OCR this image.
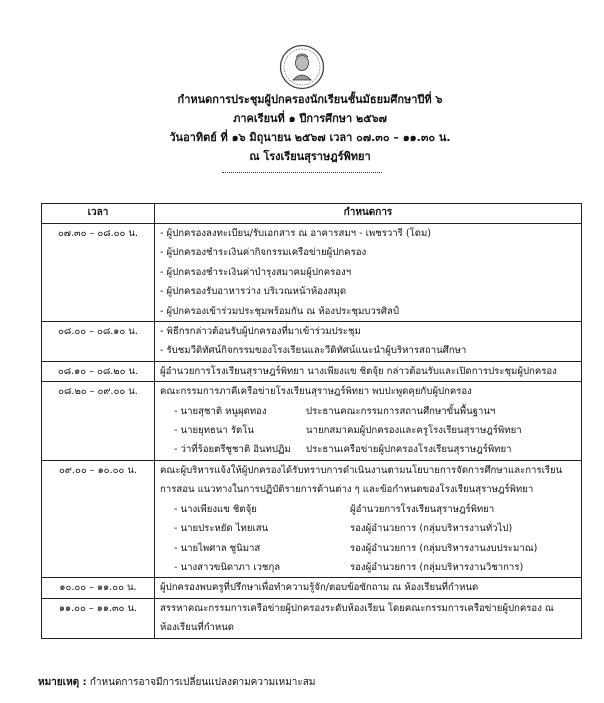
กำหนดการประชุมผู้ปกครองนักเรียนชั้นมัธยมศึกษาปีที่ ๖
ภาคเรียนที่ ๑ ปีการศึกษา ๒๕๖๗
วันอาทิตย์ ที่ ๑๖ มิถุนายน ๒๕๖๗ เวลา ๐๗.๓๐ – ๑๑.๓๐ น.
ณ โรงเรียนสุราษฎร์พิทยา
เวลา	กำหนดการ
๐๗.๓๐ – ๐๘.๐๐ น.	- ผู้ปกครองลงทะเบียน/รับเอกสาร ณ อาคารสมฯ - เพชรวารี (โดม)
- ผู้ปกครองชำระเงินค่ากิจกรรมเครือข่ายผู้ปกครอง
- ผู้ปกครองชำระเงินค่าบำรุงสมาคมผู้ปกครองฯ
- ผู้ปกครองรับอาหารว่าง บริเวณหน้าห้องสมุด
- ผู้ปกครองเข้าร่วมประชุมพร้อมกัน ณ ห้องประชุมบวรศิลป์

๐๘.๐๐ – ๐๘.๑๐ น.	- พิธีกรกล่าวต้อนรับผู้ปกครองที่มาเข้าร่วมประชุม
- รับชมวีดิทัศน์กิจกรรมของโรงเรียนและวีดิทัศน์แนะนำผู้บริหารสถานศึกษา

๐๘.๑๐ – ๐๘.๒๐ น.	ผู้อำนวยการโรงเรียนสุราษฎร์พิทยา นางเพียงแข ชิตจุ้ย กล่าวต้อนรับและเปิดการประชุมผู้ปกครอง

๐๘.๒๐ – ๐๙.๐๐ น.	คณะกรรมการภาคีเครือข่ายโรงเรียนสุราษฎร์พิทยา พบปะพูดคุยกับผู้ปกครอง
- นายสุชาติ หนูผุดทอง ประธานคณะกรรมการสถานศึกษาขั้นพื้นฐานฯ
- นายยุทธนา รัตโน นายกสมาคมผู้ปกครองและครูโรงเรียนสุราษฎร์พิทยา
- ว่าที่ร้อยตรีชูชาติ อินทปฏิม ประธานเครือข่ายผู้ปกครองโรงเรียนสุราษฎร์พิทยา

๐๙.๐๐ – ๑๐.๐๐ น.	คณะผู้บริหารแจ้งให้ผู้ปกครองได้รับทราบการดำเนินงานตามนโยบายการจัดการศึกษาและการเรียนการสอน แนวทางในการปฏิบัติรายการด้านต่าง ๆ และข้อกำหนดของโรงเรียนสุราษฎร์พิทยา
- นางเพียงแข ชิตจุ้ย ผู้อำนวยการโรงเรียนสุราษฎร์พิทยา
- นายประหยัด ไทยเสน รองผู้อำนวยการ (กลุ่มบริหารงานทั่วไป)
- นายไพศาล ชูนิมาส รองผู้อำนวยการ (กลุ่มบริหารงานงบประมาณ)
- นางสาวขนิดาภา เวชกุล รองผู้อำนวยการ (กลุ่มบริหารงานวิชาการ)

๑๐.๐๐ – ๑๑.๐๐ น.	ผู้ปกครองพบครูที่ปรึกษาเพื่อทำความรู้จัก/ตอบข้อซักถาม ณ ห้องเรียนที่กำหนด

๑๑.๐๐ – ๑๑.๓๐ น.	สรรหาคณะกรรมการเครือข่ายผู้ปกครองระดับห้องเรียน โดยคณะกรรมการเครือข่ายผู้ปกครอง ณ ห้องเรียนที่กำหนด
หมายเหตุ : กำหนดการอาจมีการเปลี่ยนแปลงตามความเหมาะสม
